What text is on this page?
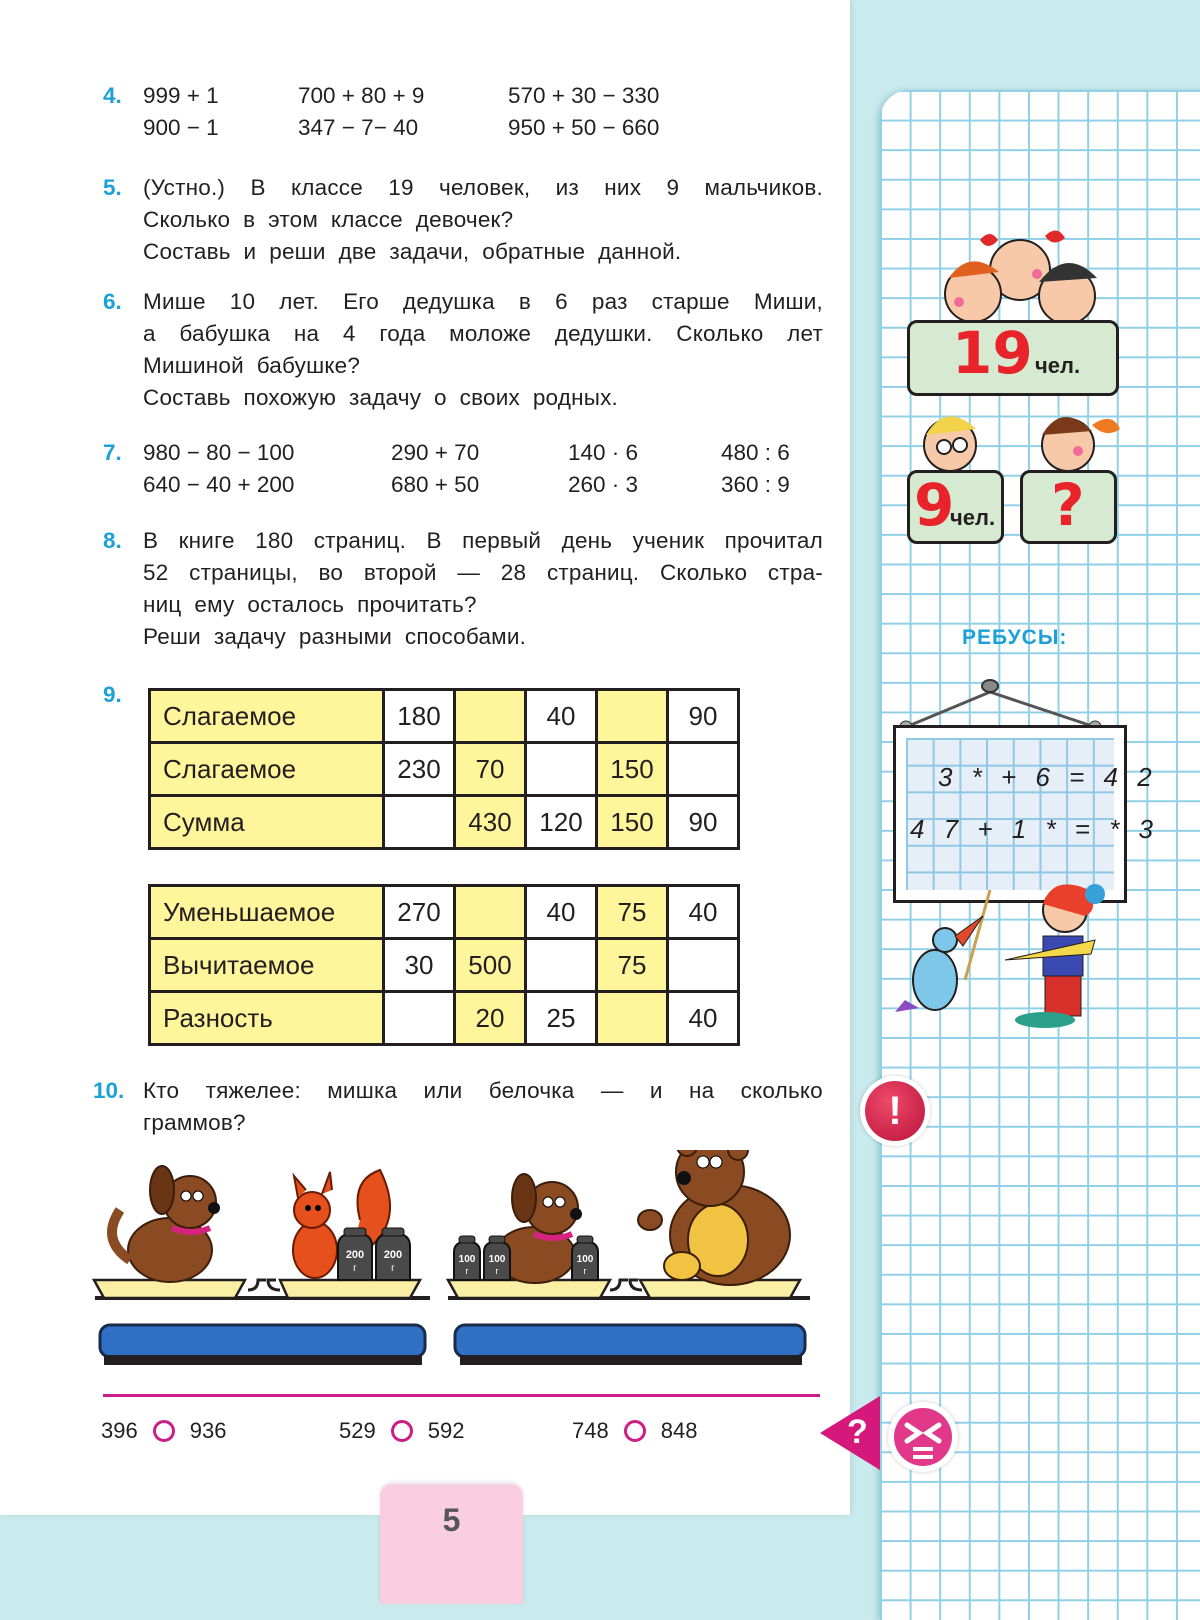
4. 999 + 1	700 + 80 + 9	570 + 30 − 330
900 − 1	347 − 7− 40	950 + 50 − 660
5. (Устно.) В классе 19 человек, из них 9 мальчиков.
Сколько  в  этом  классе  девочек?
Составь  и  реши  две  задачи,  обратные  данной.
6. Мише 10 лет. Его дедушка в 6 раз старше Миши,
а бабушка на 4 года моложе дедушки. Сколько лет
Мишиной  бабушке?
Составь  похожую  задачу  о  своих  родных.
7. 980 − 80 − 100	290 + 70	140 · 6	480 : 6
640 − 40 + 200	680 + 50	260 · 3	360 : 9
8. В книге 180 страниц. В первый день ученик прочитал
52 страницы, во второй — 28 страниц. Сколько стра-
ниц  ему  осталось  прочитать?
Реши  задачу  разными  способами.
9.
Слагаемое	180		40		90
Слагаемое	230	70		150	
Сумма		430	120	150	90
Уменьшаемое	270		40	75	40
Вычитаемое	30	500		75	
Разность		20	25		40
10. Кто тяжелее: мишка или белочка — и на сколько
граммов?
200
г
200
г
100
г
100
г
100
г
396 936	529 592	748 848
5
19 чел.
9
чел. ?
РЕБУСЫ:
3 * + 6 = 4 2
4 7 + 1 * = * 3
!
?
